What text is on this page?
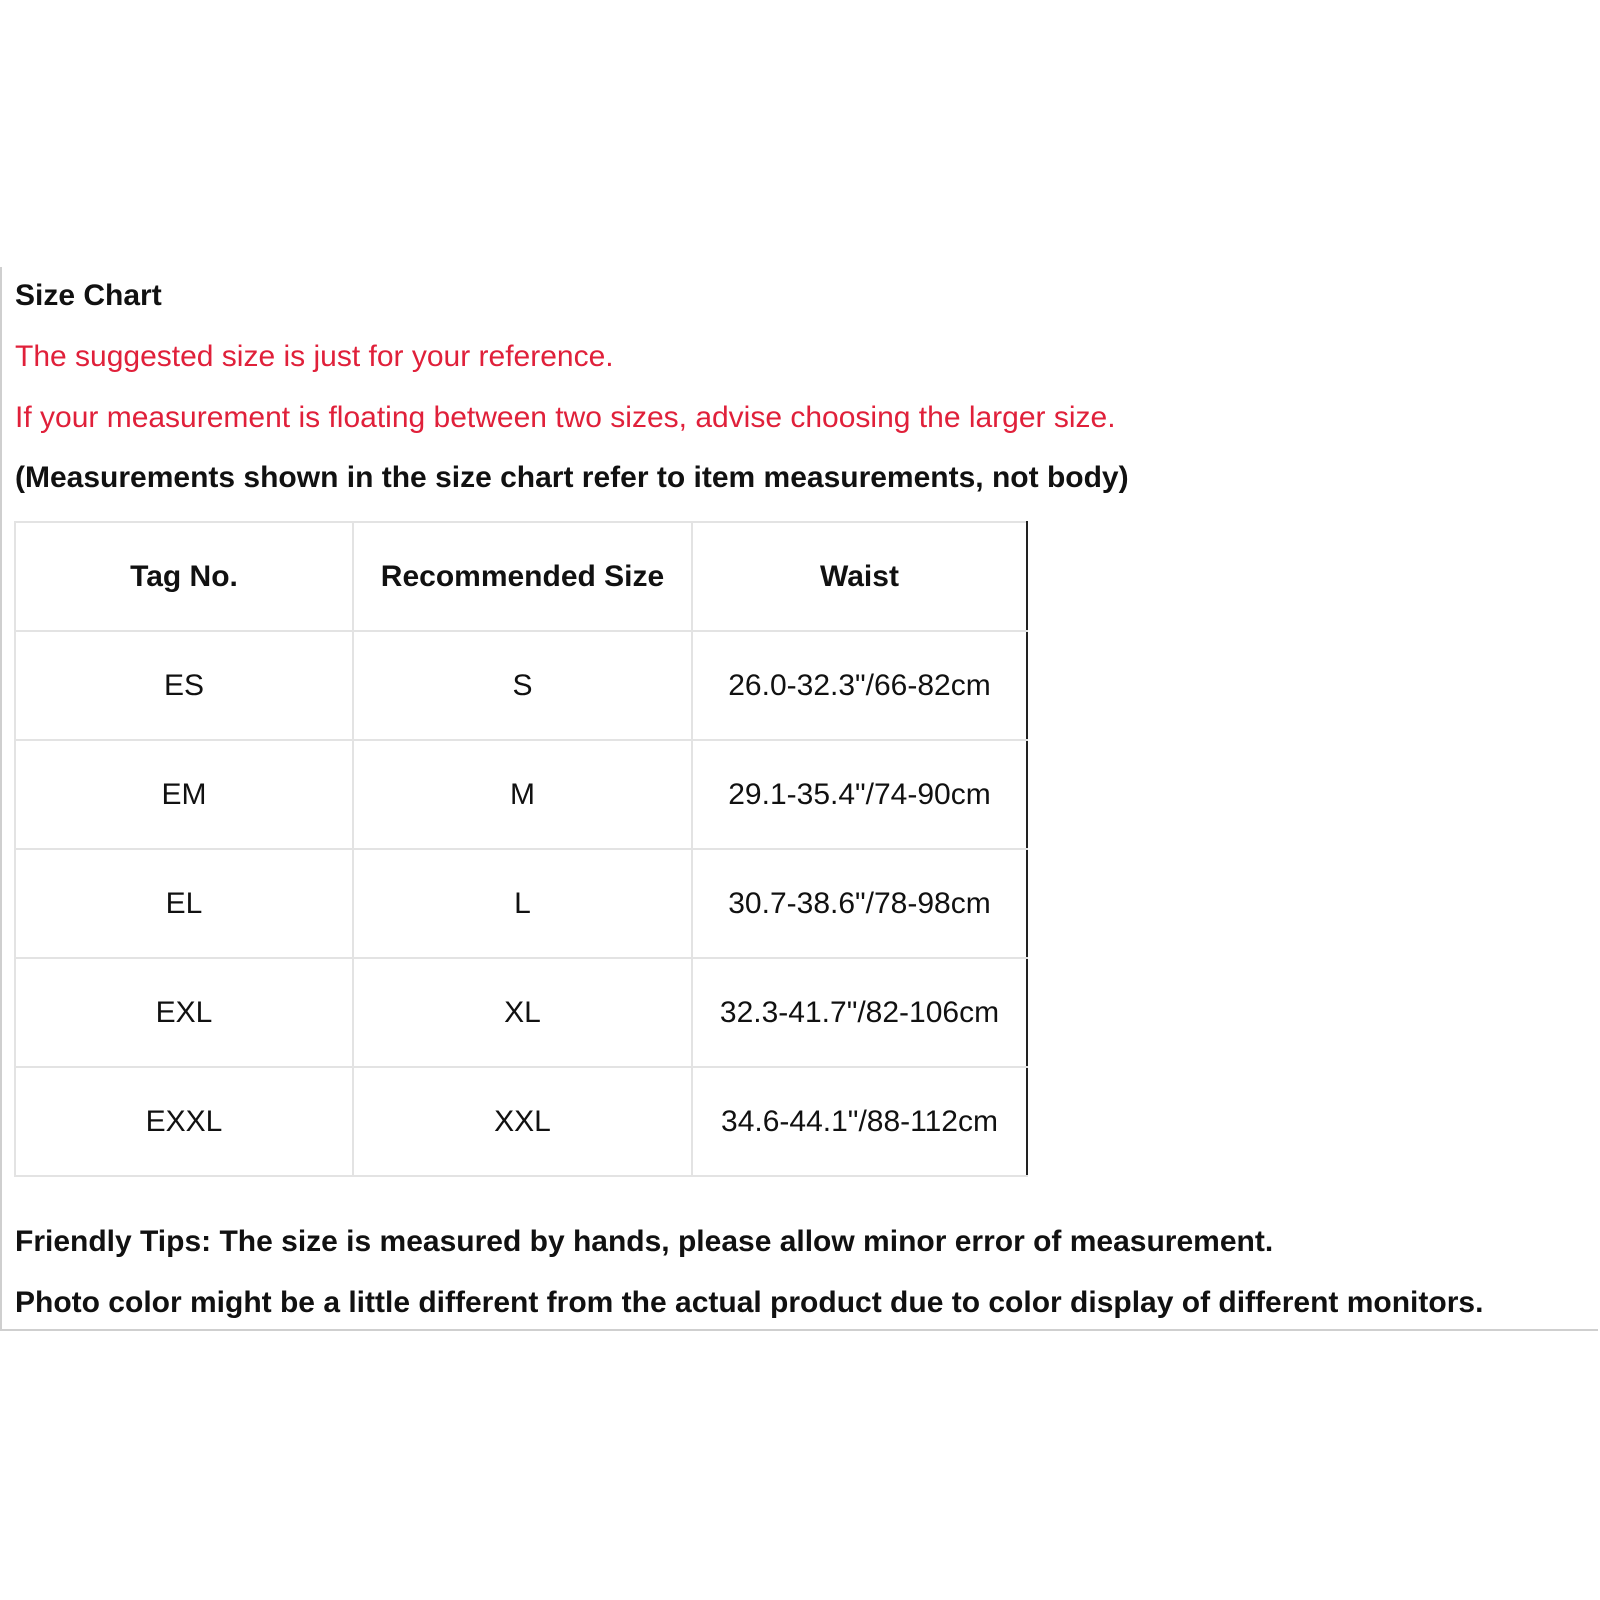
Size Chart

The suggested size is just for your reference.

If your measurement is floating between two sizes, advise choosing the larger size.

(Measurements shown in the size chart refer to item measurements, not body)

Tag No.	Recommended Size	Waist
ES	S	26.0-32.3"/66-82cm
EM	M	29.1-35.4"/74-90cm
EL	L	30.7-38.6"/78-98cm
EXL	XL	32.3-41.7"/82-106cm
EXXL	XXL	34.6-44.1"/88-112cm

Friendly Tips: The size is measured by hands, please allow minor error of measurement.

Photo color might be a little different from the actual product due to color display of different monitors.
